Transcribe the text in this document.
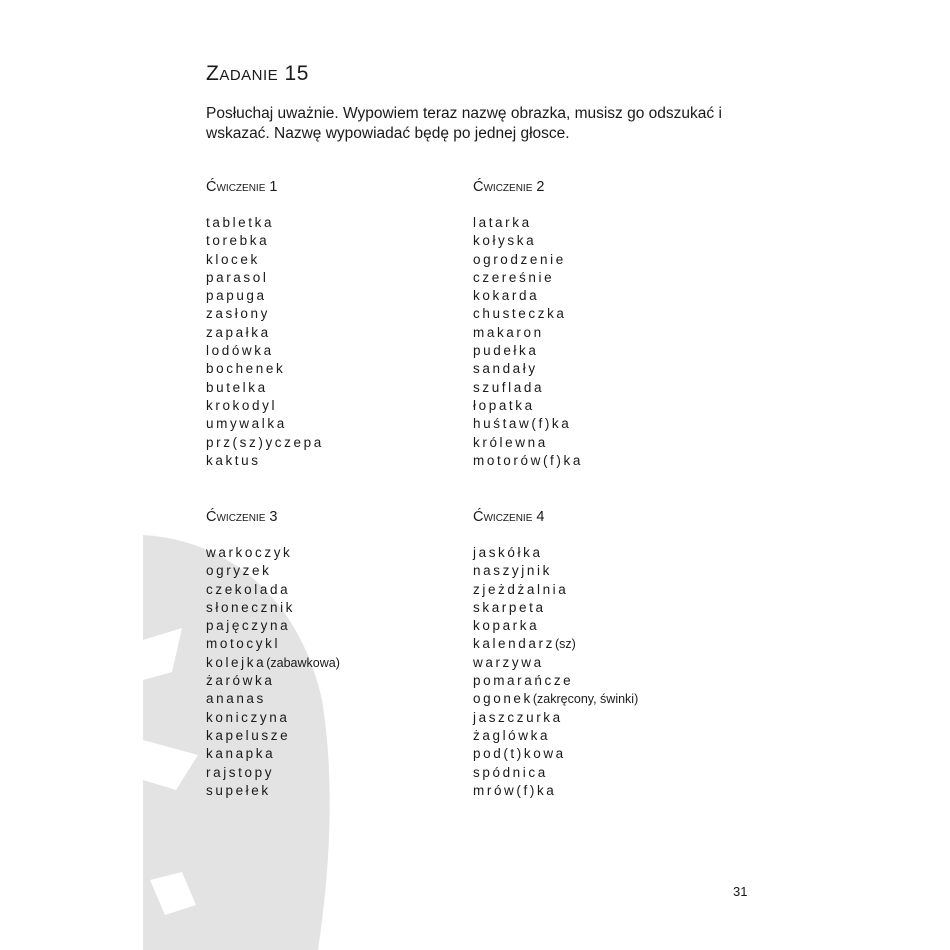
Zadanie 15

Posłuchaj uważnie. Wypowiem teraz nazwę obrazka, musisz go odszukać i wskazać. Nazwę wypowiadać będę po jednej głosce.

Ćwiczenie 1
tabletka
torebka
klocek
parasol
papuga
zasłony
zapałka
lodówka
bochenek
butelka
krokodyl
umywalka
prz(sz)yczepa
kaktus
Ćwiczenie 2
latarka
kołyska
ogrodzenie
czereśnie
kokarda
chusteczka
makaron
pudełka
sandały
szuflada
łopatka
huśtaw(f)ka
królewna
motorów(f)ka
Ćwiczenie 3
warkoczyk
ogryzek
czekolada
słonecznik
pajęczyna
motocykl
kolejka(zabawkowa)
żarówka
ananas
koniczyna
kapelusze
kanapka
rajstopy
supełek
Ćwiczenie 4
jaskółka
naszyjnik
zjeżdżalnia
skarpeta
koparka
kalendarz(sz)
warzywa
pomarańcze
ogonek(zakręcony, świnki)
jaszczurka
żaglówka
pod(t)kowa
spódnica
mrów(f)ka
31
